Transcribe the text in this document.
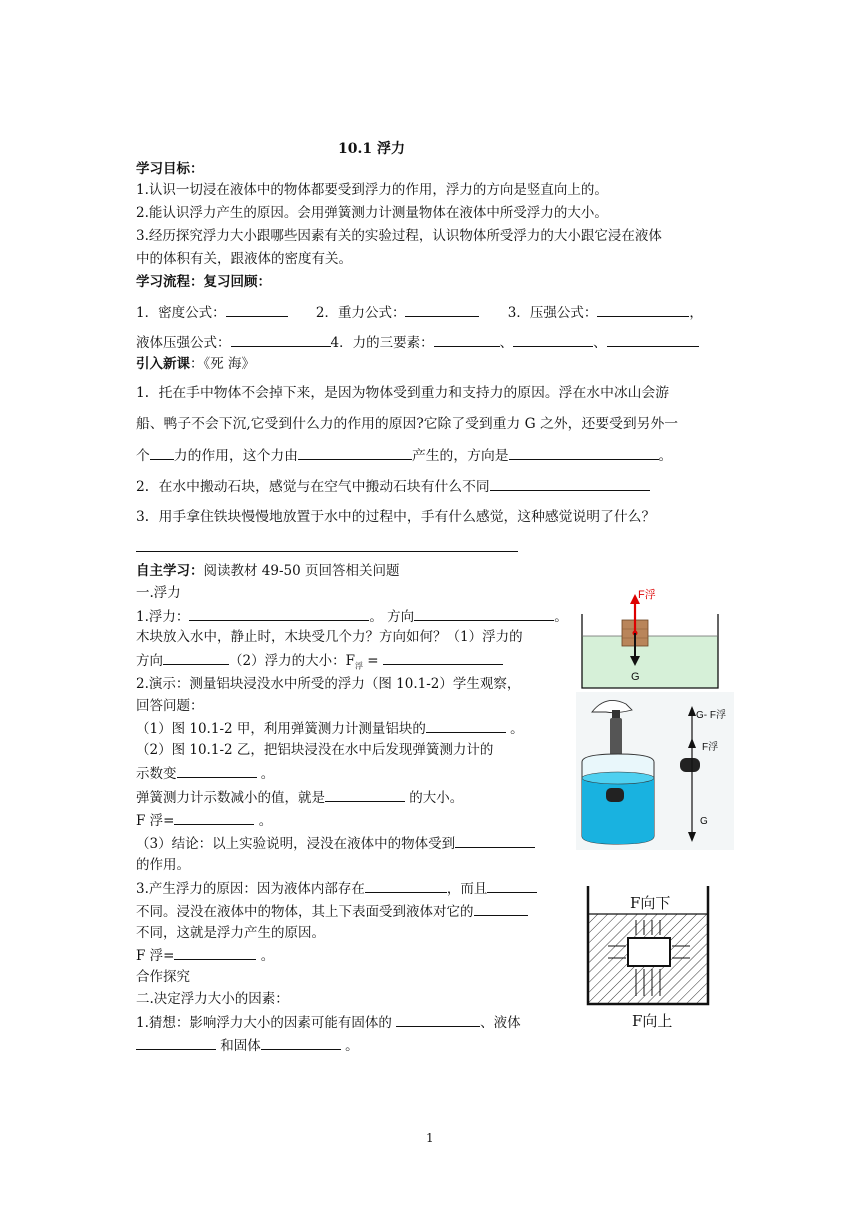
10.1 浮力
学习目标：
1.认识一切浸在液体中的物体都要受到浮力的作用，浮力的方向是竖直向上的。
2.能认识浮力产生的原因。会用弹簧测力计测量物体在液体中所受浮力的大小。
3.经历探究浮力大小跟哪些因素有关的实验过程，认识物体所受浮力的大小跟它浸在液体
中的体积有关，跟液体的密度有关。
学习流程：复习回顾：
1．密度公式：	2．重力公式：	3．压强公式：	，
液体压强公式：	4．力的三要素：	、	、
引入新课：《死 海》
1．托在手中物体不会掉下来，是因为物体受到重力和支持力的原因。浮在水中冰山会游
船、鸭子不会下沉,它受到什么力的作用的原因?它除了受到重力 G 之外，还要受到另外一
个 力的作用，这个力由	产生的，方向是	。
2．在水中搬动石块，感觉与在空气中搬动石块有什么不同
3．用手拿住铁块慢慢地放置于水中的过程中，手有什么感觉，这种感觉说明了什么？
自主学习：阅读教材 49-50 页回答相关问题
一.浮力
1.浮力：	。 方向	。
木块放入水中，静止时，木块受几个力？方向如何？（1）浮力的
方向	（2）浮力的大小：$F_浮$ =
2.演示：测量铝块浸没水中所受的浮力（图 10.1-2）学生观察，
回答问题：
（1）图 10.1-2 甲，利用弹簧测力计测量铝块的	。
（2）图 10.1-2 乙，把铝块浸没在水中后发现弹簧测力计的
示数变	。
弹簧测力计示数减小的值，就是	的大小。
F 浮=	。
（3）结论：以上实验说明，浸没在液体中的物体受到
的作用。
3.产生浮力的原因：因为液体内部存在	，而且
不同。浸没在液体中的物体，其上下表面受到液体对它的
不同，这就是浮力产生的原因。
F 浮=	。
合作探究
二.决定浮力大小的因素：
1.猜想：影响浮力大小的因素可能有固体的	、液体
和固体	。
F浮
G
G- F浮
F浮
G
F向下
F向上
1
